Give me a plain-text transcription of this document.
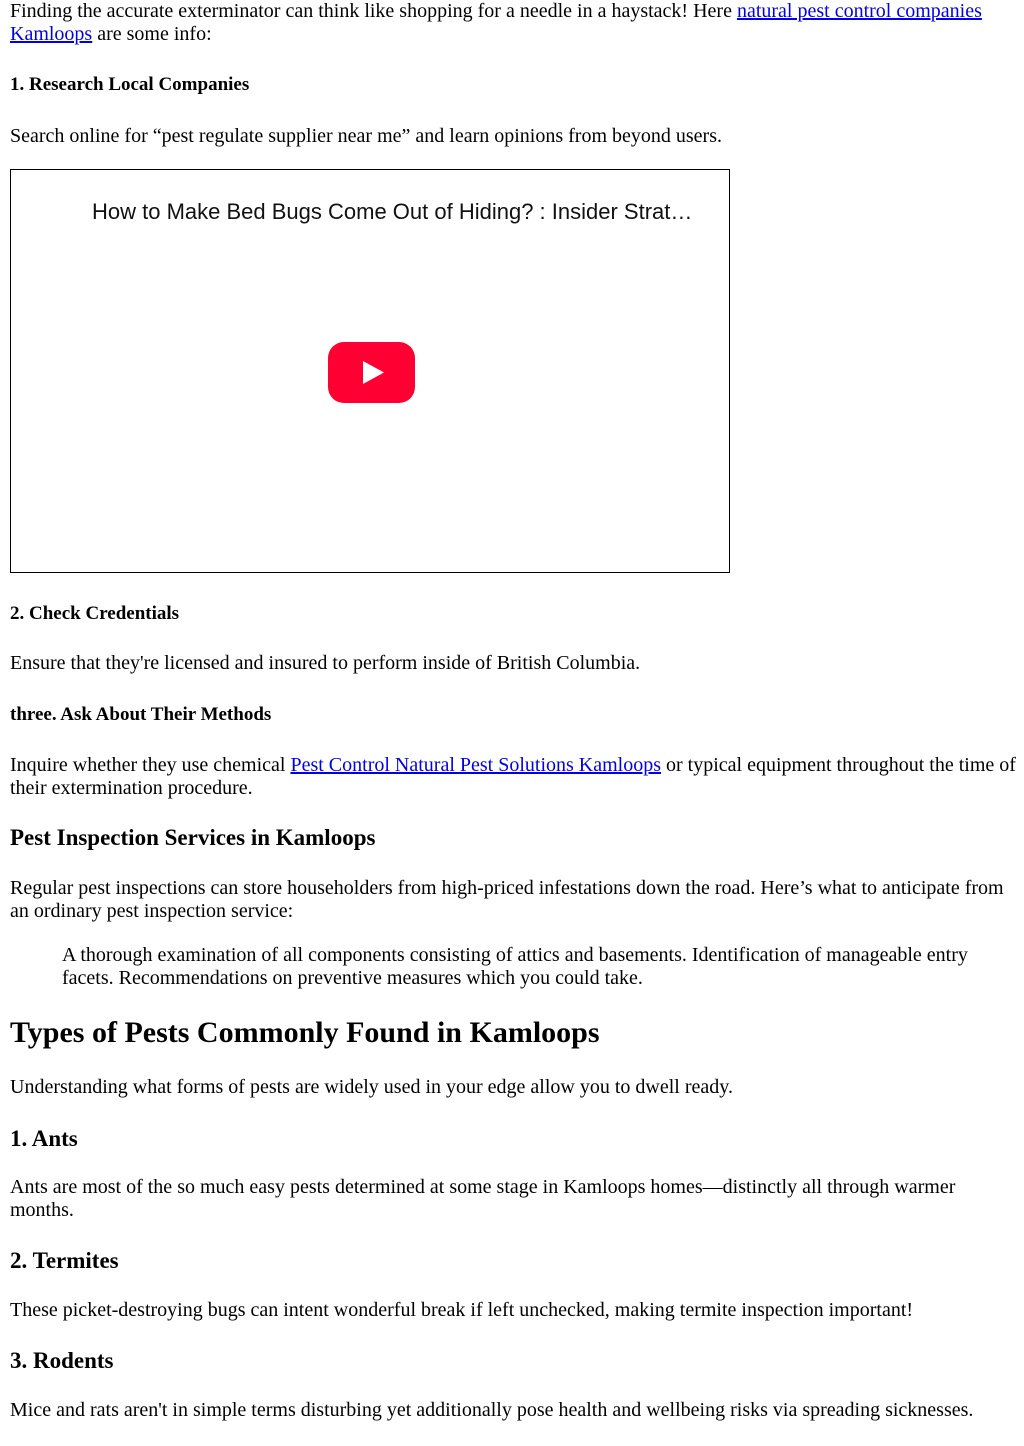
Finding the accurate exterminator can think like shopping for a needle in a haystack! Here natural pest control companies Kamloops are some info:

1. Research Local Companies

Search online for “pest regulate supplier near me” and learn opinions from beyond users.

How to Make Bed Bugs Come Out of Hiding? : Insider Strat…
2. Check Credentials

Ensure that they're licensed and insured to perform inside of British Columbia.

three. Ask About Their Methods

Inquire whether they use chemical Pest Control Natural Pest Solutions Kamloops or typical equipment throughout the time of their extermination procedure.

Pest Inspection Services in Kamloops

Regular pest inspections can store householders from high-priced infestations down the road. Here’s what to anticipate from an ordinary pest inspection service:

A thorough examination of all components consisting of attics and basements. Identification of manageable entry facets. Recommendations on preventive measures which you could take.

Types of Pests Commonly Found in Kamloops

Understanding what forms of pests are widely used in your edge allow you to dwell ready.

1. Ants

Ants are most of the so much easy pests determined at some stage in Kamloops homes—distinctly all through warmer months.

2. Termites

These picket-destroying bugs can intent wonderful break if left unchecked, making termite inspection important!

3. Rodents

Mice and rats aren't in simple terms disturbing yet additionally pose health and wellbeing risks via spreading sicknesses.
